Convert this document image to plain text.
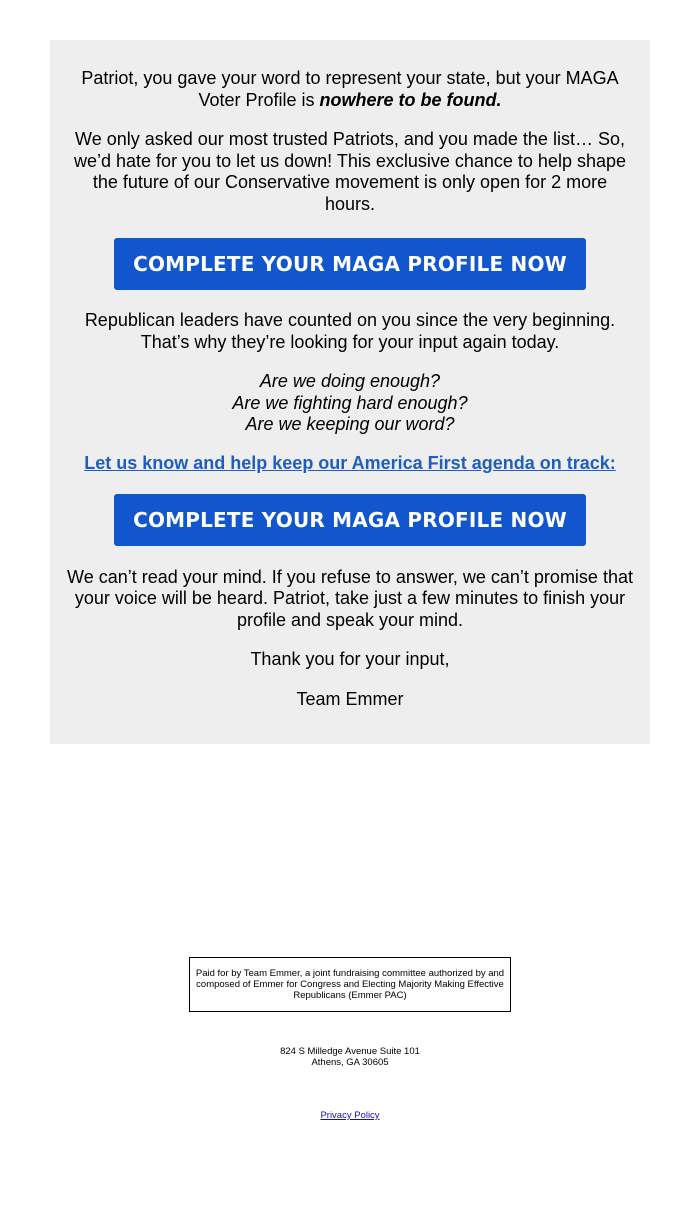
Patriot, you gave your word to represent your state, but your MAGA Voter Profile is nowhere to be found.

We only asked our most trusted Patriots, and you made the list… So, we’d hate for you to let us down! This exclusive chance to help shape the future of our Conservative movement is only open for 2 more hours.

COMPLETE YOUR MAGA PROFILE NOW

Republican leaders have counted on you since the very beginning. That’s why they’re looking for your input again today.

Are we doing enough?
Are we fighting hard enough?
Are we keeping our word?

Let us know and help keep our America First agenda on track:
COMPLETE YOUR MAGA PROFILE NOW

We can’t read your mind. If you refuse to answer, we can’t promise that your voice will be heard. Patriot, take just a few minutes to finish your profile and speak your mind.

Thank you for your input,

Team Emmer

Paid for by Team Emmer, a joint fundraising committee authorized by and composed of Emmer for Congress and Electing Majority Making Effective Republicans (Emmer PAC)
824 S Milledge Avenue Suite 101
Athens, GA 30605
Privacy Policy
